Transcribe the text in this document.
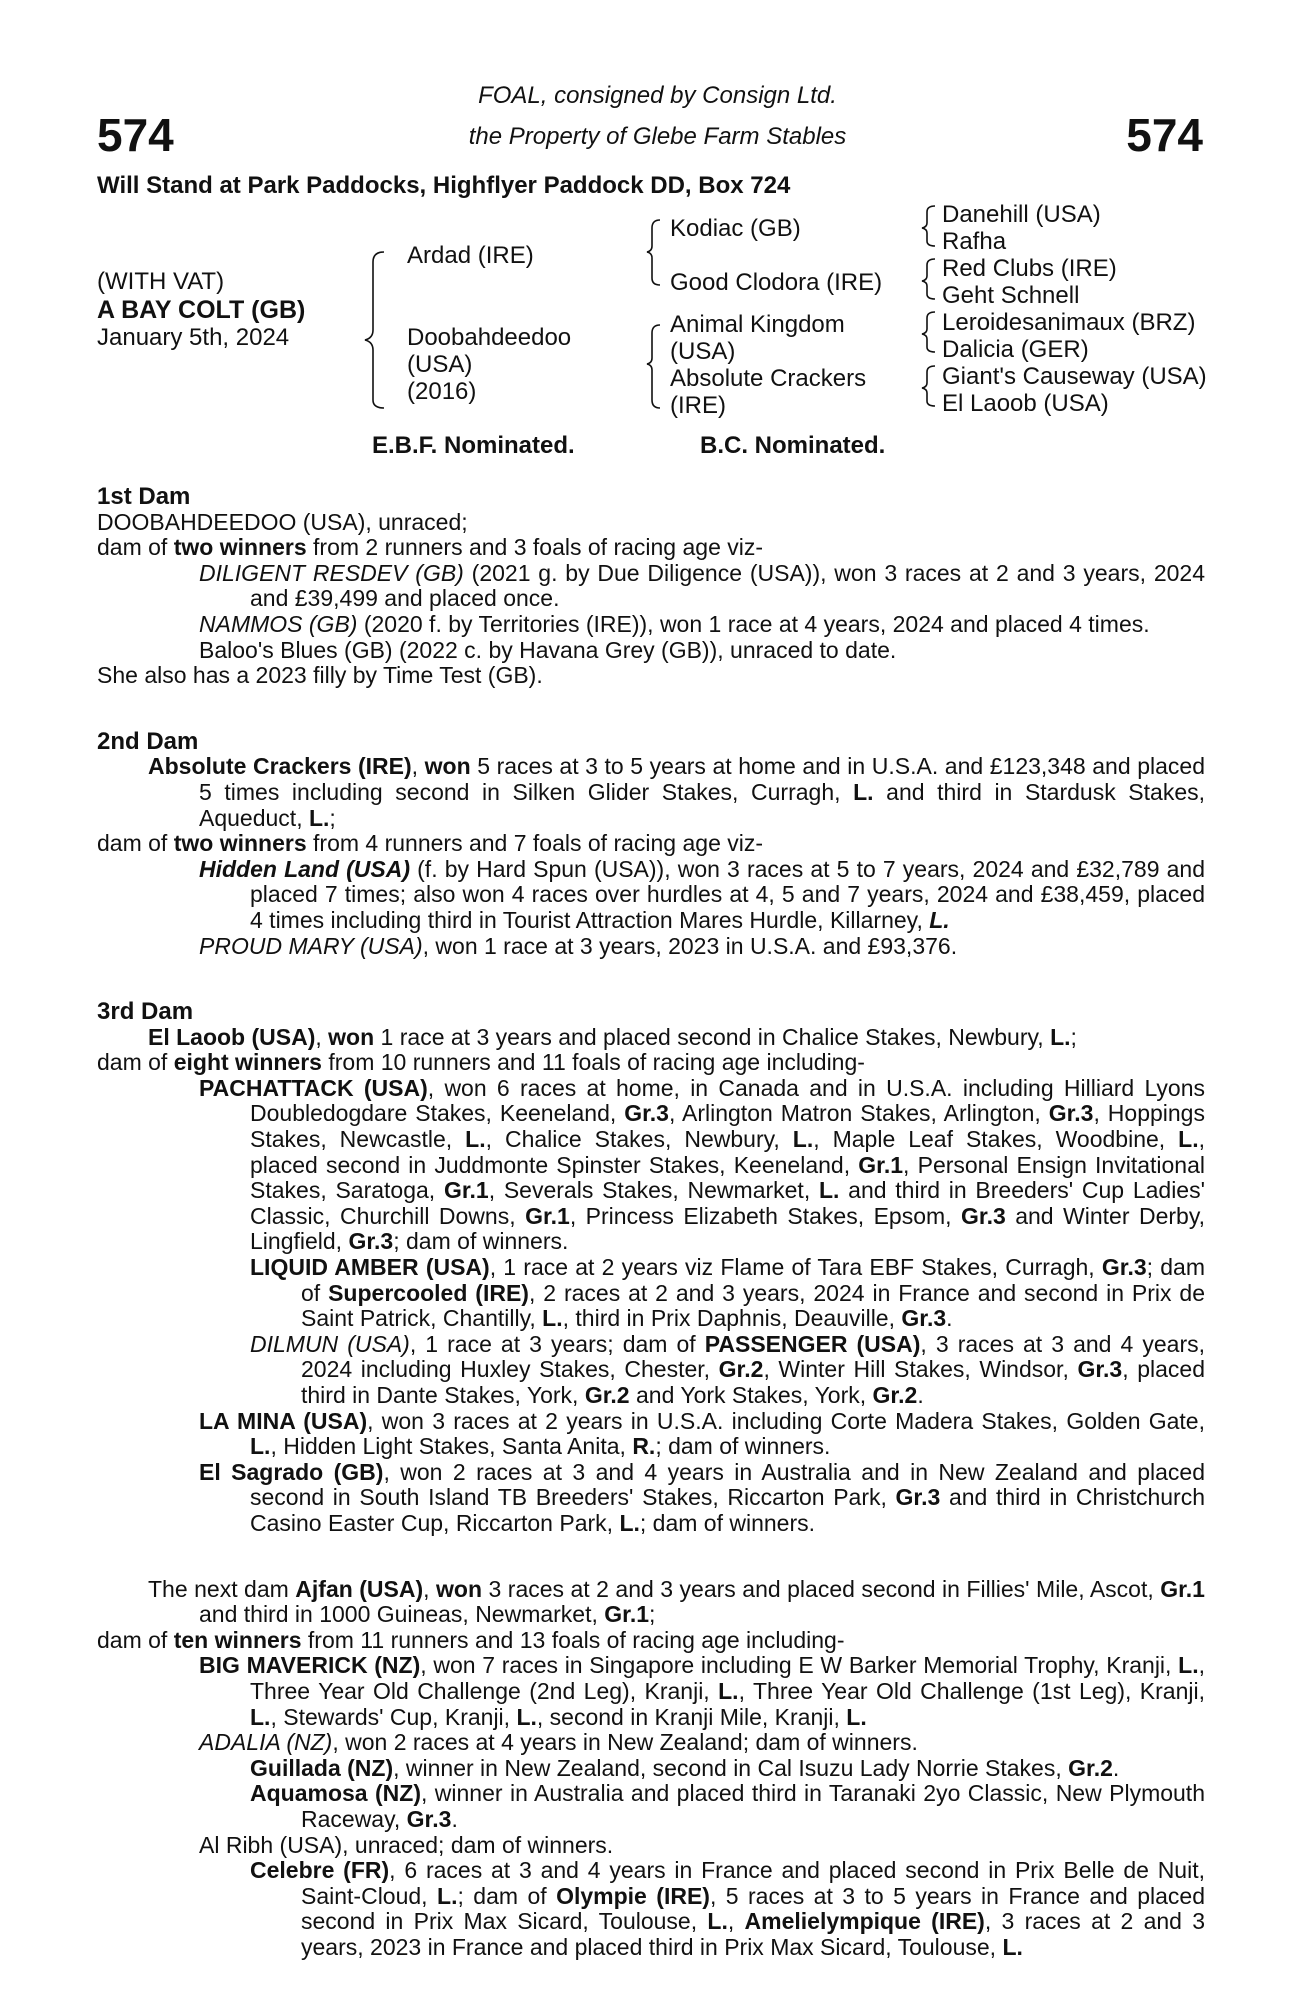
574	574
FOAL, consigned by Consign Ltd.
the Property of Glebe Farm Stables
Will Stand at Park Paddocks, Highflyer Paddock DD, Box 724
(WITH VAT)
A BAY COLT (GB)
January 5th, 2024
Ardad (IRE)
Doobahdeedoo
(USA)
(2016)
Kodiac (GB)
Good Clodora (IRE)
Animal Kingdom
(USA)
Absolute Crackers
(IRE)
Danehill (USA)
Rafha
Red Clubs (IRE)
Geht Schnell
Leroidesanimaux (BRZ)
Dalicia (GER)
Giant's Causeway (USA)
El Laoob (USA)
E.B.F. Nominated.	B.C. Nominated.

1st Dam

DOOBAHDEEDOO (USA), unraced;

dam of two winners from 2 runners and 3 foals of racing age viz-

DILIGENT RESDEV (GB) (2021 g. by Due Diligence (USA)), won 3 races at 2 and 3 years, 2024 and £39,499 and placed once.

NAMMOS (GB) (2020 f. by Territories (IRE)), won 1 race at 4 years, 2024 and placed 4 times.

Baloo's Blues (GB) (2022 c. by Havana Grey (GB)), unraced to date.

She also has a 2023 filly by Time Test (GB).

2nd Dam

Absolute Crackers (IRE), won 5 races at 3 to 5 years at home and in U.S.A. and £123,348 and placed 5 times including second in Silken Glider Stakes, Curragh, L. and third in Stardusk Stakes, Aqueduct, L.;

dam of two winners from 4 runners and 7 foals of racing age viz-

Hidden Land (USA) (f. by Hard Spun (USA)), won 3 races at 5 to 7 years, 2024 and £32,789 and placed 7 times; also won 4 races over hurdles at 4, 5 and 7 years, 2024 and £38,459, placed 4 times including third in Tourist Attraction Mares Hurdle, Killarney, L.

PROUD MARY (USA), won 1 race at 3 years, 2023 in U.S.A. and £93,376.

3rd Dam

El Laoob (USA), won 1 race at 3 years and placed second in Chalice Stakes, Newbury, L.;

dam of eight winners from 10 runners and 11 foals of racing age including-

PACHATTACK (USA), won 6 races at home, in Canada and in U.S.A. including Hilliard Lyons Doubledogdare Stakes, Keeneland, Gr.3, Arlington Matron Stakes, Arlington, Gr.3, Hoppings Stakes, Newcastle, L., Chalice Stakes, Newbury, L., Maple Leaf Stakes, Woodbine, L., placed second in Juddmonte Spinster Stakes, Keeneland, Gr.1, Personal Ensign Invitational Stakes, Saratoga, Gr.1, Severals Stakes, Newmarket, L. and third in Breeders' Cup Ladies' Classic, Churchill Downs, Gr.1, Princess Elizabeth Stakes, Epsom, Gr.3 and Winter Derby, Lingfield, Gr.3; dam of winners.

LIQUID AMBER (USA), 1 race at 2 years viz Flame of Tara EBF Stakes, Curragh, Gr.3; dam of Supercooled (IRE), 2 races at 2 and 3 years, 2024 in France and second in Prix de Saint Patrick, Chantilly, L., third in Prix Daphnis, Deauville, Gr.3.

DILMUN (USA), 1 race at 3 years; dam of PASSENGER (USA), 3 races at 3 and 4 years, 2024 including Huxley Stakes, Chester, Gr.2, Winter Hill Stakes, Windsor, Gr.3, placed third in Dante Stakes, York, Gr.2 and York Stakes, York, Gr.2.

LA MINA (USA), won 3 races at 2 years in U.S.A. including Corte Madera Stakes, Golden Gate, L., Hidden Light Stakes, Santa Anita, R.; dam of winners.

El Sagrado (GB), won 2 races at 3 and 4 years in Australia and in New Zealand and placed second in South Island TB Breeders' Stakes, Riccarton Park, Gr.3 and third in Christchurch Casino Easter Cup, Riccarton Park, L.; dam of winners.

The next dam Ajfan (USA), won 3 races at 2 and 3 years and placed second in Fillies' Mile, Ascot, Gr.1 and third in 1000 Guineas, Newmarket, Gr.1;

dam of ten winners from 11 runners and 13 foals of racing age including-

BIG MAVERICK (NZ), won 7 races in Singapore including E W Barker Memorial Trophy, Kranji, L., Three Year Old Challenge (2nd Leg), Kranji, L., Three Year Old Challenge (1st Leg), Kranji, L., Stewards' Cup, Kranji, L., second in Kranji Mile, Kranji, L.

ADALIA (NZ), won 2 races at 4 years in New Zealand; dam of winners.

Guillada (NZ), winner in New Zealand, second in Cal Isuzu Lady Norrie Stakes, Gr.2.

Aquamosa (NZ), winner in Australia and placed third in Taranaki 2yo Classic, New Plymouth Raceway, Gr.3.

Al Ribh (USA), unraced; dam of winners.

Celebre (FR), 6 races at 3 and 4 years in France and placed second in Prix Belle de Nuit, Saint-Cloud, L.; dam of Olympie (IRE), 5 races at 3 to 5 years in France and placed second in Prix Max Sicard, Toulouse, L., Amelielympique (IRE), 3 races at 2 and 3 years, 2023 in France and placed third in Prix Max Sicard, Toulouse, L.
